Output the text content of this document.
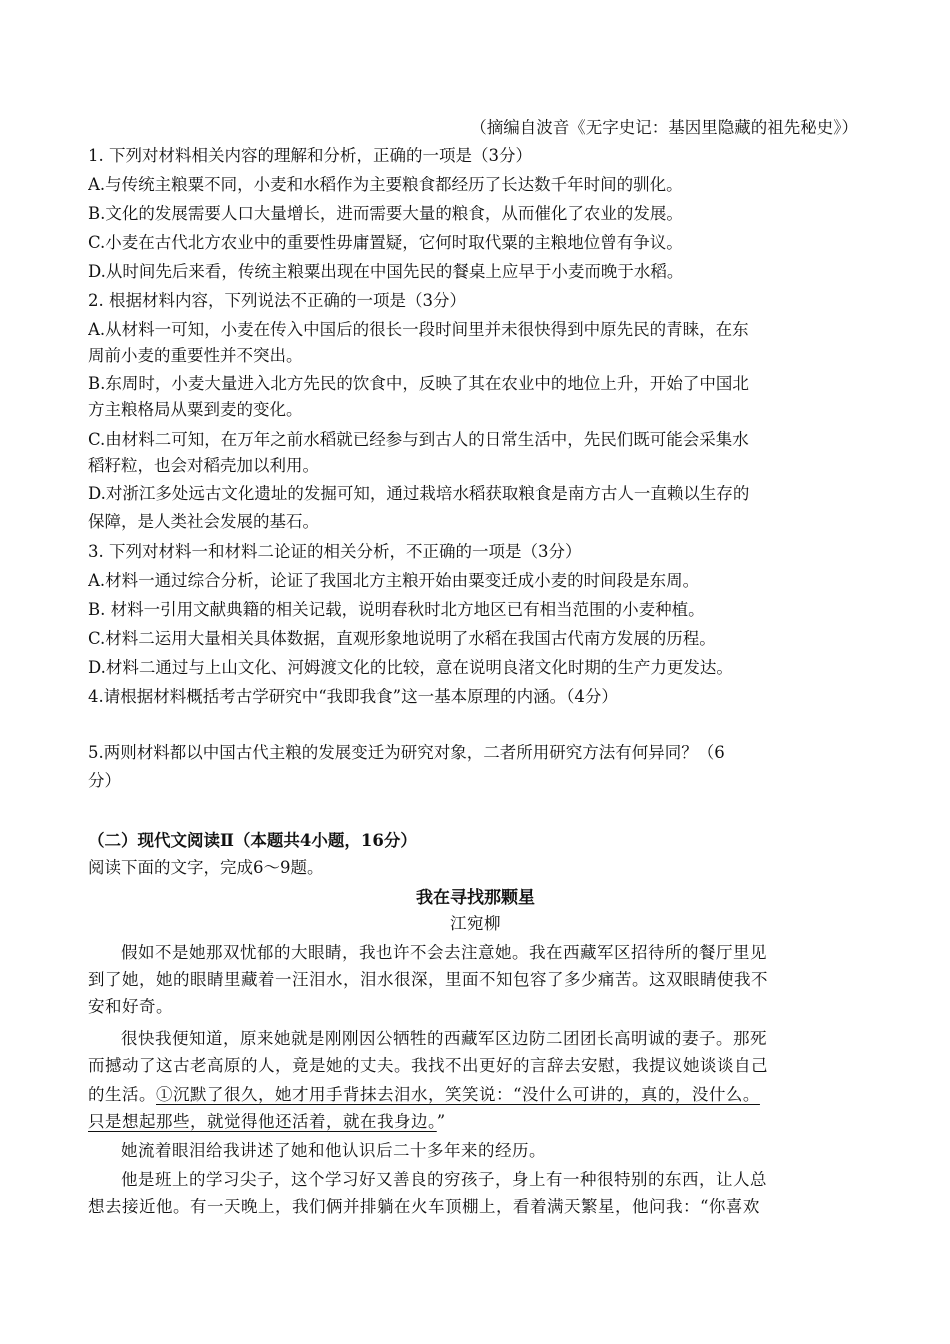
（摘编自波音《无字史记：基因里隐藏的祖先秘史》）
1. 下列对材料相关内容的理解和分析，正确的一项是（3分）
A.与传统主粮粟不同，小麦和水稻作为主要粮食都经历了长达数千年时间的驯化。
B.文化的发展需要人口大量增长，进而需要大量的粮食，从而催化了农业的发展。
C.小麦在古代北方农业中的重要性毋庸置疑，它何时取代粟的主粮地位曾有争议。
D.从时间先后来看，传统主粮粟出现在中国先民的餐桌上应早于小麦而晚于水稻。
2. 根据材料内容，下列说法不正确的一项是（3分）
A.从材料一可知，小麦在传入中国后的很长一段时间里并未很快得到中原先民的青睐，在东
周前小麦的重要性并不突出。
B.东周时，小麦大量进入北方先民的饮食中，反映了其在农业中的地位上升，开始了中国北
方主粮格局从粟到麦的变化。
C.由材料二可知，在万年之前水稻就已经参与到古人的日常生活中，先民们既可能会采集水
稻籽粒，也会对稻壳加以利用。
D.对浙江多处远古文化遗址的发掘可知，通过栽培水稻获取粮食是南方古人一直赖以生存的
保障，是人类社会发展的基石。
3. 下列对材料一和材料二论证的相关分析，不正确的一项是（3分）
A.材料一通过综合分析，论证了我国北方主粮开始由粟变迁成小麦的时间段是东周。
B. 材料一引用文献典籍的相关记载，说明春秋时北方地区已有相当范围的小麦种植。
C.材料二运用大量相关具体数据，直观形象地说明了水稻在我国古代南方发展的历程。
D.材料二通过与上山文化、河姆渡文化的比较，意在说明良渚文化时期的生产力更发达。
4.请根据材料概括考古学研究中“我即我食”这一基本原理的内涵。（4分）
5.两则材料都以中国古代主粮的发展变迁为研究对象，二者所用研究方法有何异同？（6
分）
（二）现代文阅读Ⅱ（本题共4小题，16分）
阅读下面的文字，完成6～9题。
我在寻找那颗星
江宛柳
假如不是她那双忧郁的大眼睛，我也许不会去注意她。我在西藏军区招待所的餐厅里见
到了她，她的眼睛里藏着一汪泪水，泪水很深，里面不知包容了多少痛苦。这双眼睛使我不
安和好奇。
很快我便知道，原来她就是刚刚因公牺牲的西藏军区边防二团团长高明诚的妻子。那死
而撼动了这古老高原的人，竟是她的丈夫。我找不出更好的言辞去安慰，我提议她谈谈自己
的生活。①沉默了很久，她才用手背抹去泪水，笑笑说：“没什么可讲的，真的，没什么。
只是想起那些，就觉得他还活着，就在我身边。”
她流着眼泪给我讲述了她和他认识后二十多年来的经历。
他是班上的学习尖子，这个学习好又善良的穷孩子，身上有一种很特别的东西，让人总
想去接近他。有一天晚上，我们俩并排躺在火车顶棚上，看着满天繁星，他问我：“你喜欢
